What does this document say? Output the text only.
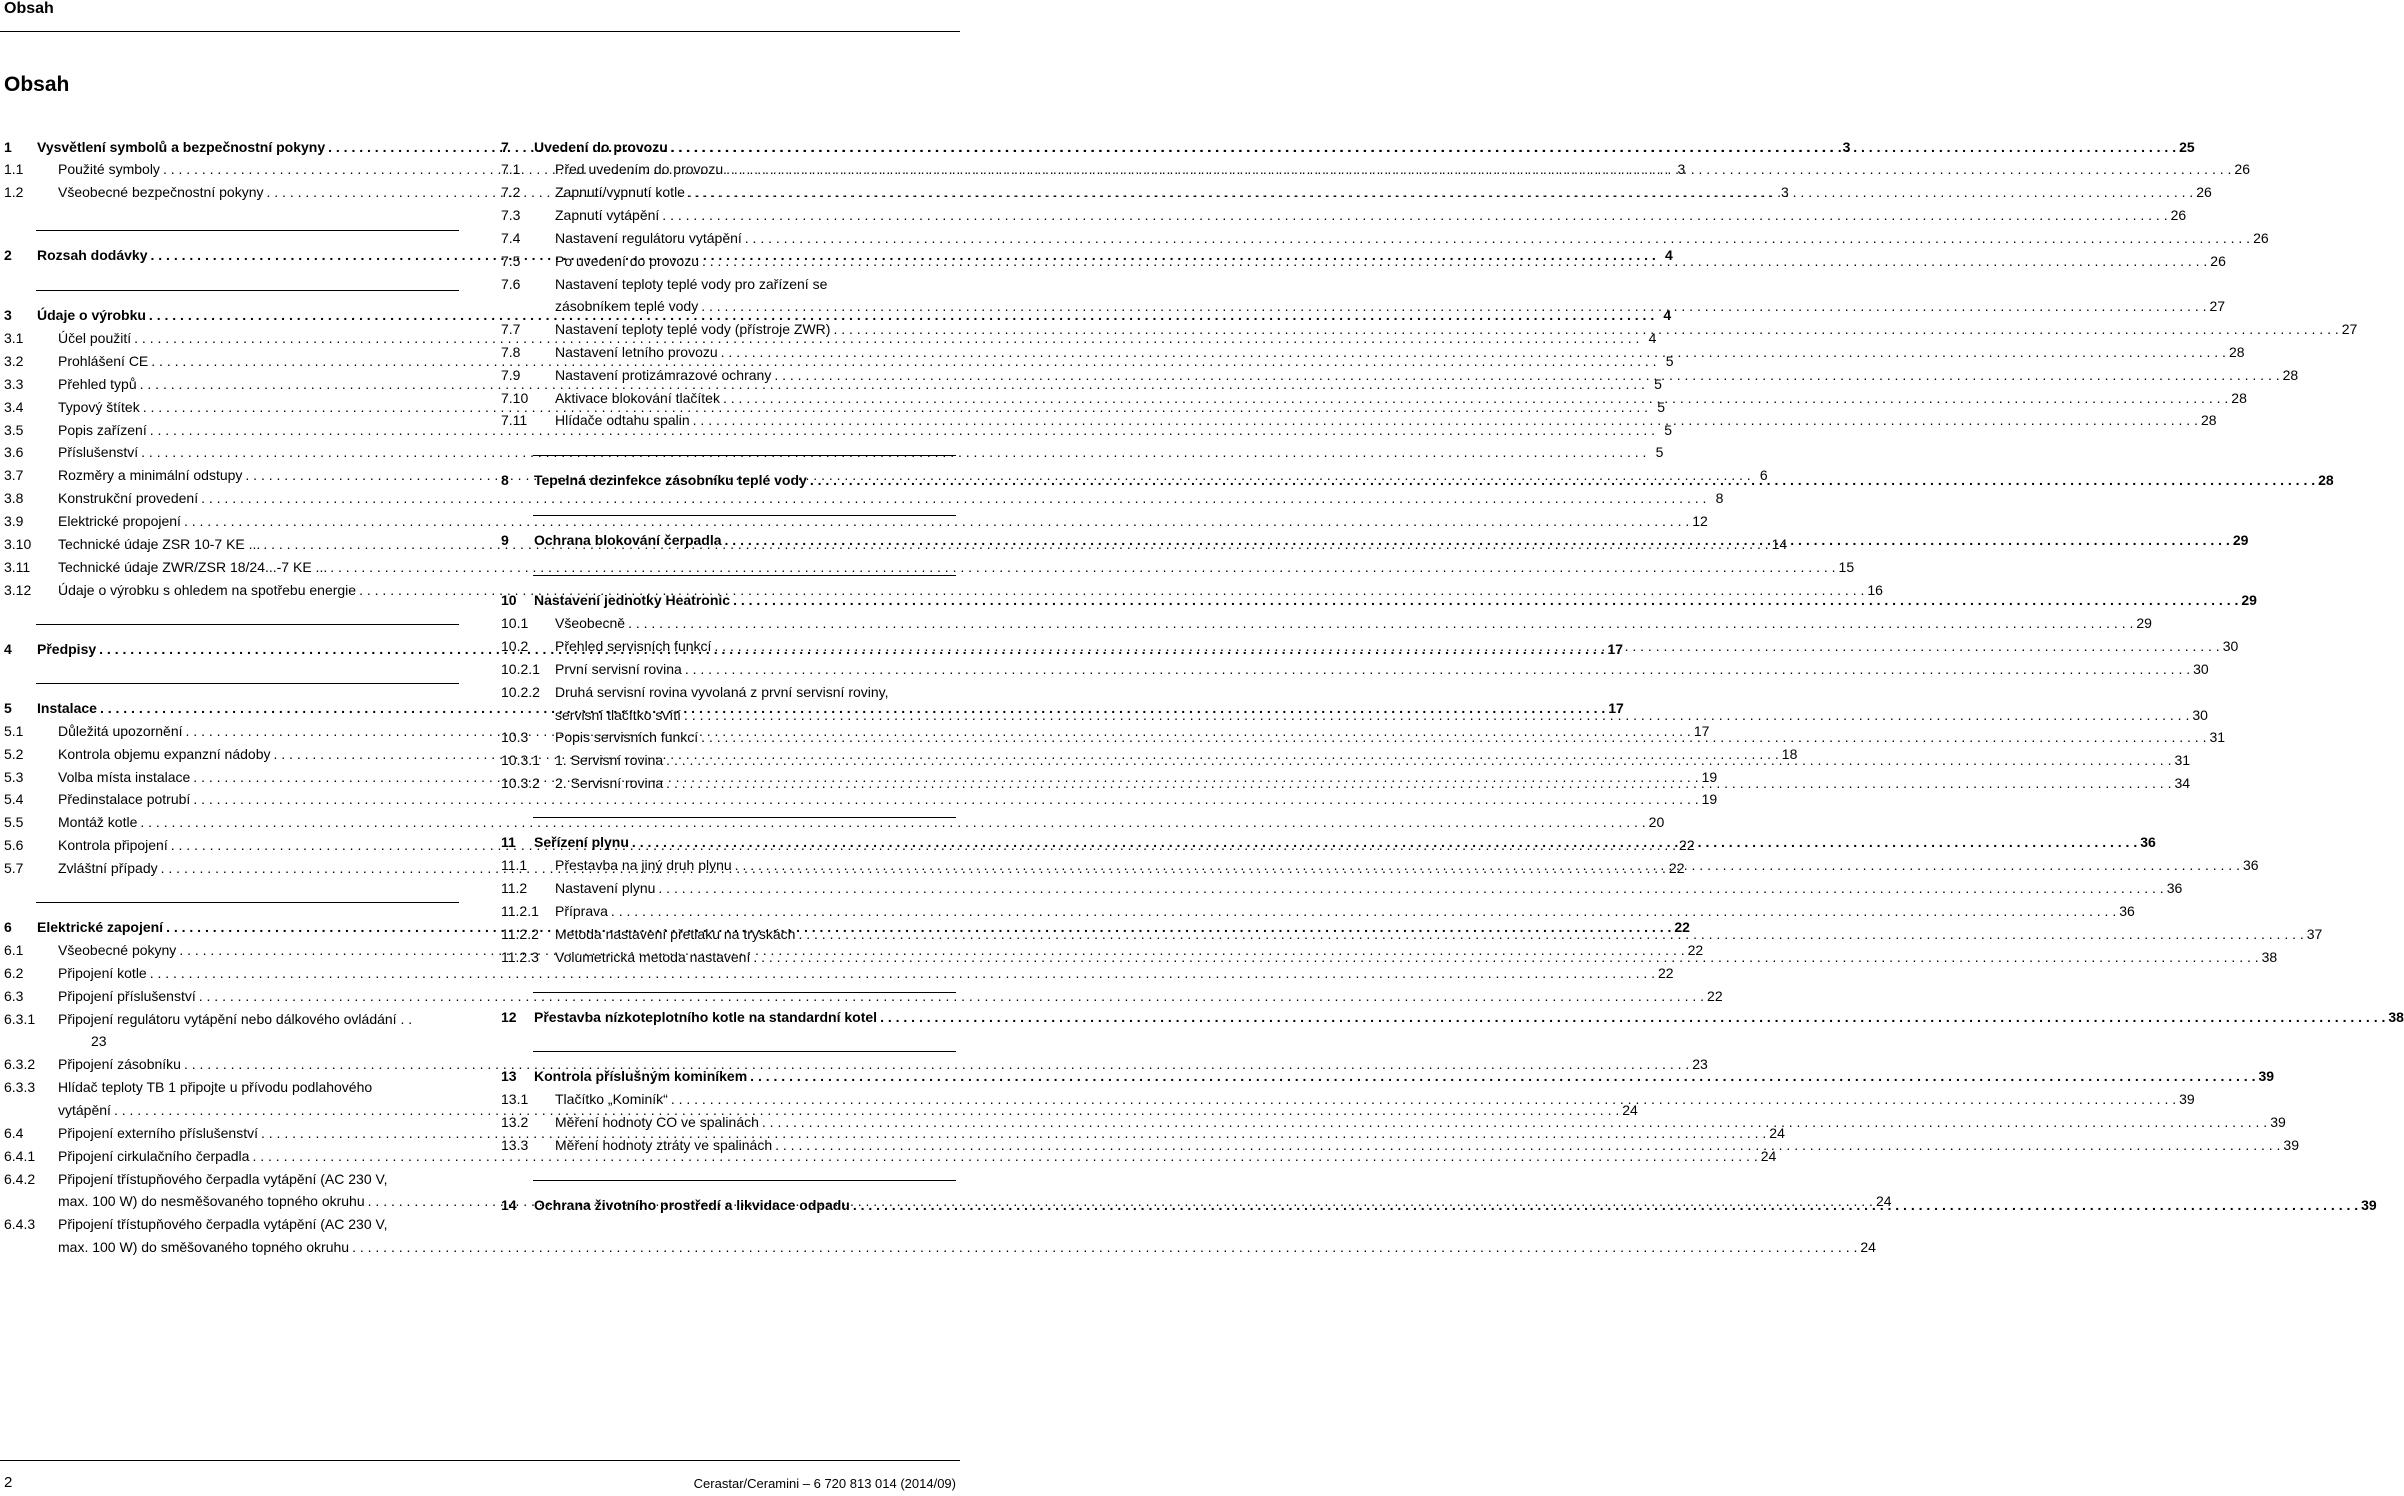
Obsah
Obsah
1	Vysvětlení symbolů a bezpečnostní pokyny . . .	3
1.1	Použité symboly . . .	3
1.2	Všeobecné bezpečnostní pokyny . . .	3
2	Rozsah dodávky . . .	4
3	Údaje o výrobku . . .	4
3.1	Účel použití . . .	4
3.2	Prohlášení CE . . .	5
3.3	Přehled typů . . .	5
3.4	Typový štítek . . .	5
3.5	Popis zařízení . . .	5
3.6	Příslušenství . . .	5
3.7	Rozměry a minimální odstupy . . .	6
3.8	Konstrukční provedení . . .	8
3.9	Elektrické propojení . . .	12
3.10	Technické údaje ZSR 10-7 KE ... . . .	14
3.11	Technické údaje ZWR/ZSR 18/24...-7 KE ... . . .	15
3.12	Údaje o výrobku s ohledem na spotřebu energie . . .	16
4	Předpisy . . .	17
5	Instalace . . .	17
5.1	Důležitá upozornění . . .	17
5.2	Kontrola objemu expanzní nádoby . . .	18
5.3	Volba místa instalace . . .	19
5.4	Předinstalace potrubí . . .	19
5.5	Montáž kotle . . .	20
5.6	Kontrola připojení . . .	22
5.7	Zvláštní případy . . .	22
6	Elektrické zapojení . . .	22
6.1	Všeobecné pokyny . . .	22
6.2	Připojení kotle . . .	22
6.3	Připojení příslušenství . . .	22
6.3.1	Připojení regulátoru vytápění nebo dálkového ovládání . .
23
6.3.2	Připojení zásobníku . . .	23
6.3.3	Hlídač teploty TB 1 připojte u přívodu podlahového
vytápění . . .	24
6.4	Připojení externího příslušenství . . .	24
6.4.1	Připojení cirkulačního čerpadla . . .	24
6.4.2	Připojení třístupňového čerpadla vytápění (AC 230 V,
max. 100 W) do nesměšovaného topného okruhu . . .	24
6.4.3	Připojení třístupňového čerpadla vytápění (AC 230 V,
max. 100 W) do směšovaného topného okruhu . . .	24
7	Uvedení do provozu . . .	25
7.1	Před uvedením do provozu . . .	26
7.2	Zapnutí/vypnutí kotle . . .	26
7.3	Zapnutí vytápění . . .	26
7.4	Nastavení regulátoru vytápění . . .	26
7.5	Po uvedení do provozu . . .	26
7.6	Nastavení teploty teplé vody pro zařízení se
zásobníkem teplé vody . . .	27
7.7	Nastavení teploty teplé vody (přístroje ZWR) . . .	27
7.8	Nastavení letního provozu . . .	28
7.9	Nastavení protizámrazové ochrany . . .	28
7.10	Aktivace blokování tlačítek . . .	28
7.11	Hlídače odtahu spalin . . .	28
8	Tepelná dezinfekce zásobníku teplé vody . . .	28
9	Ochrana blokování čerpadla . . .	29
10	Nastavení jednotky Heatronic . . .	29
10.1	Všeobecně . . .	29
10.2	Přehled servisních funkcí . . .	30
10.2.1	První servisní rovina . . .	30
10.2.2	Druhá servisní rovina vyvolaná z první servisní roviny,
servisní tlačítko svítí . . .	30
10.3	Popis servisních funkcí . . .	31
10.3.1	1. Servisní rovina . . .	31
10.3.2	2. Servisní rovina . . .	34
11	Seřízení plynu . . .	36
11.1	Přestavba na jiný druh plynu . . .	36
11.2	Nastavení plynu . . .	36
11.2.1	Příprava . . .	36
11.2.2	Metoda nastavení přetlaku na tryskách . . .	37
11.2.3	Volumetrická metoda nastavení . . .	38
12	Přestavba nízkoteplotního kotle na standardní kotel . . .	38
13	Kontrola příslušným kominíkem . . .	39
13.1	Tlačítko „Kominík“ . . .	39
13.2	Měření hodnoty CO ve spalinách . . .	39
13.3	Měření hodnoty ztráty ve spalinách . . .	39
14	Ochrana životního prostředí a likvidace odpadu . . .	39
2	Cerastar/Ceramini – 6 720 813 014 (2014/09)
